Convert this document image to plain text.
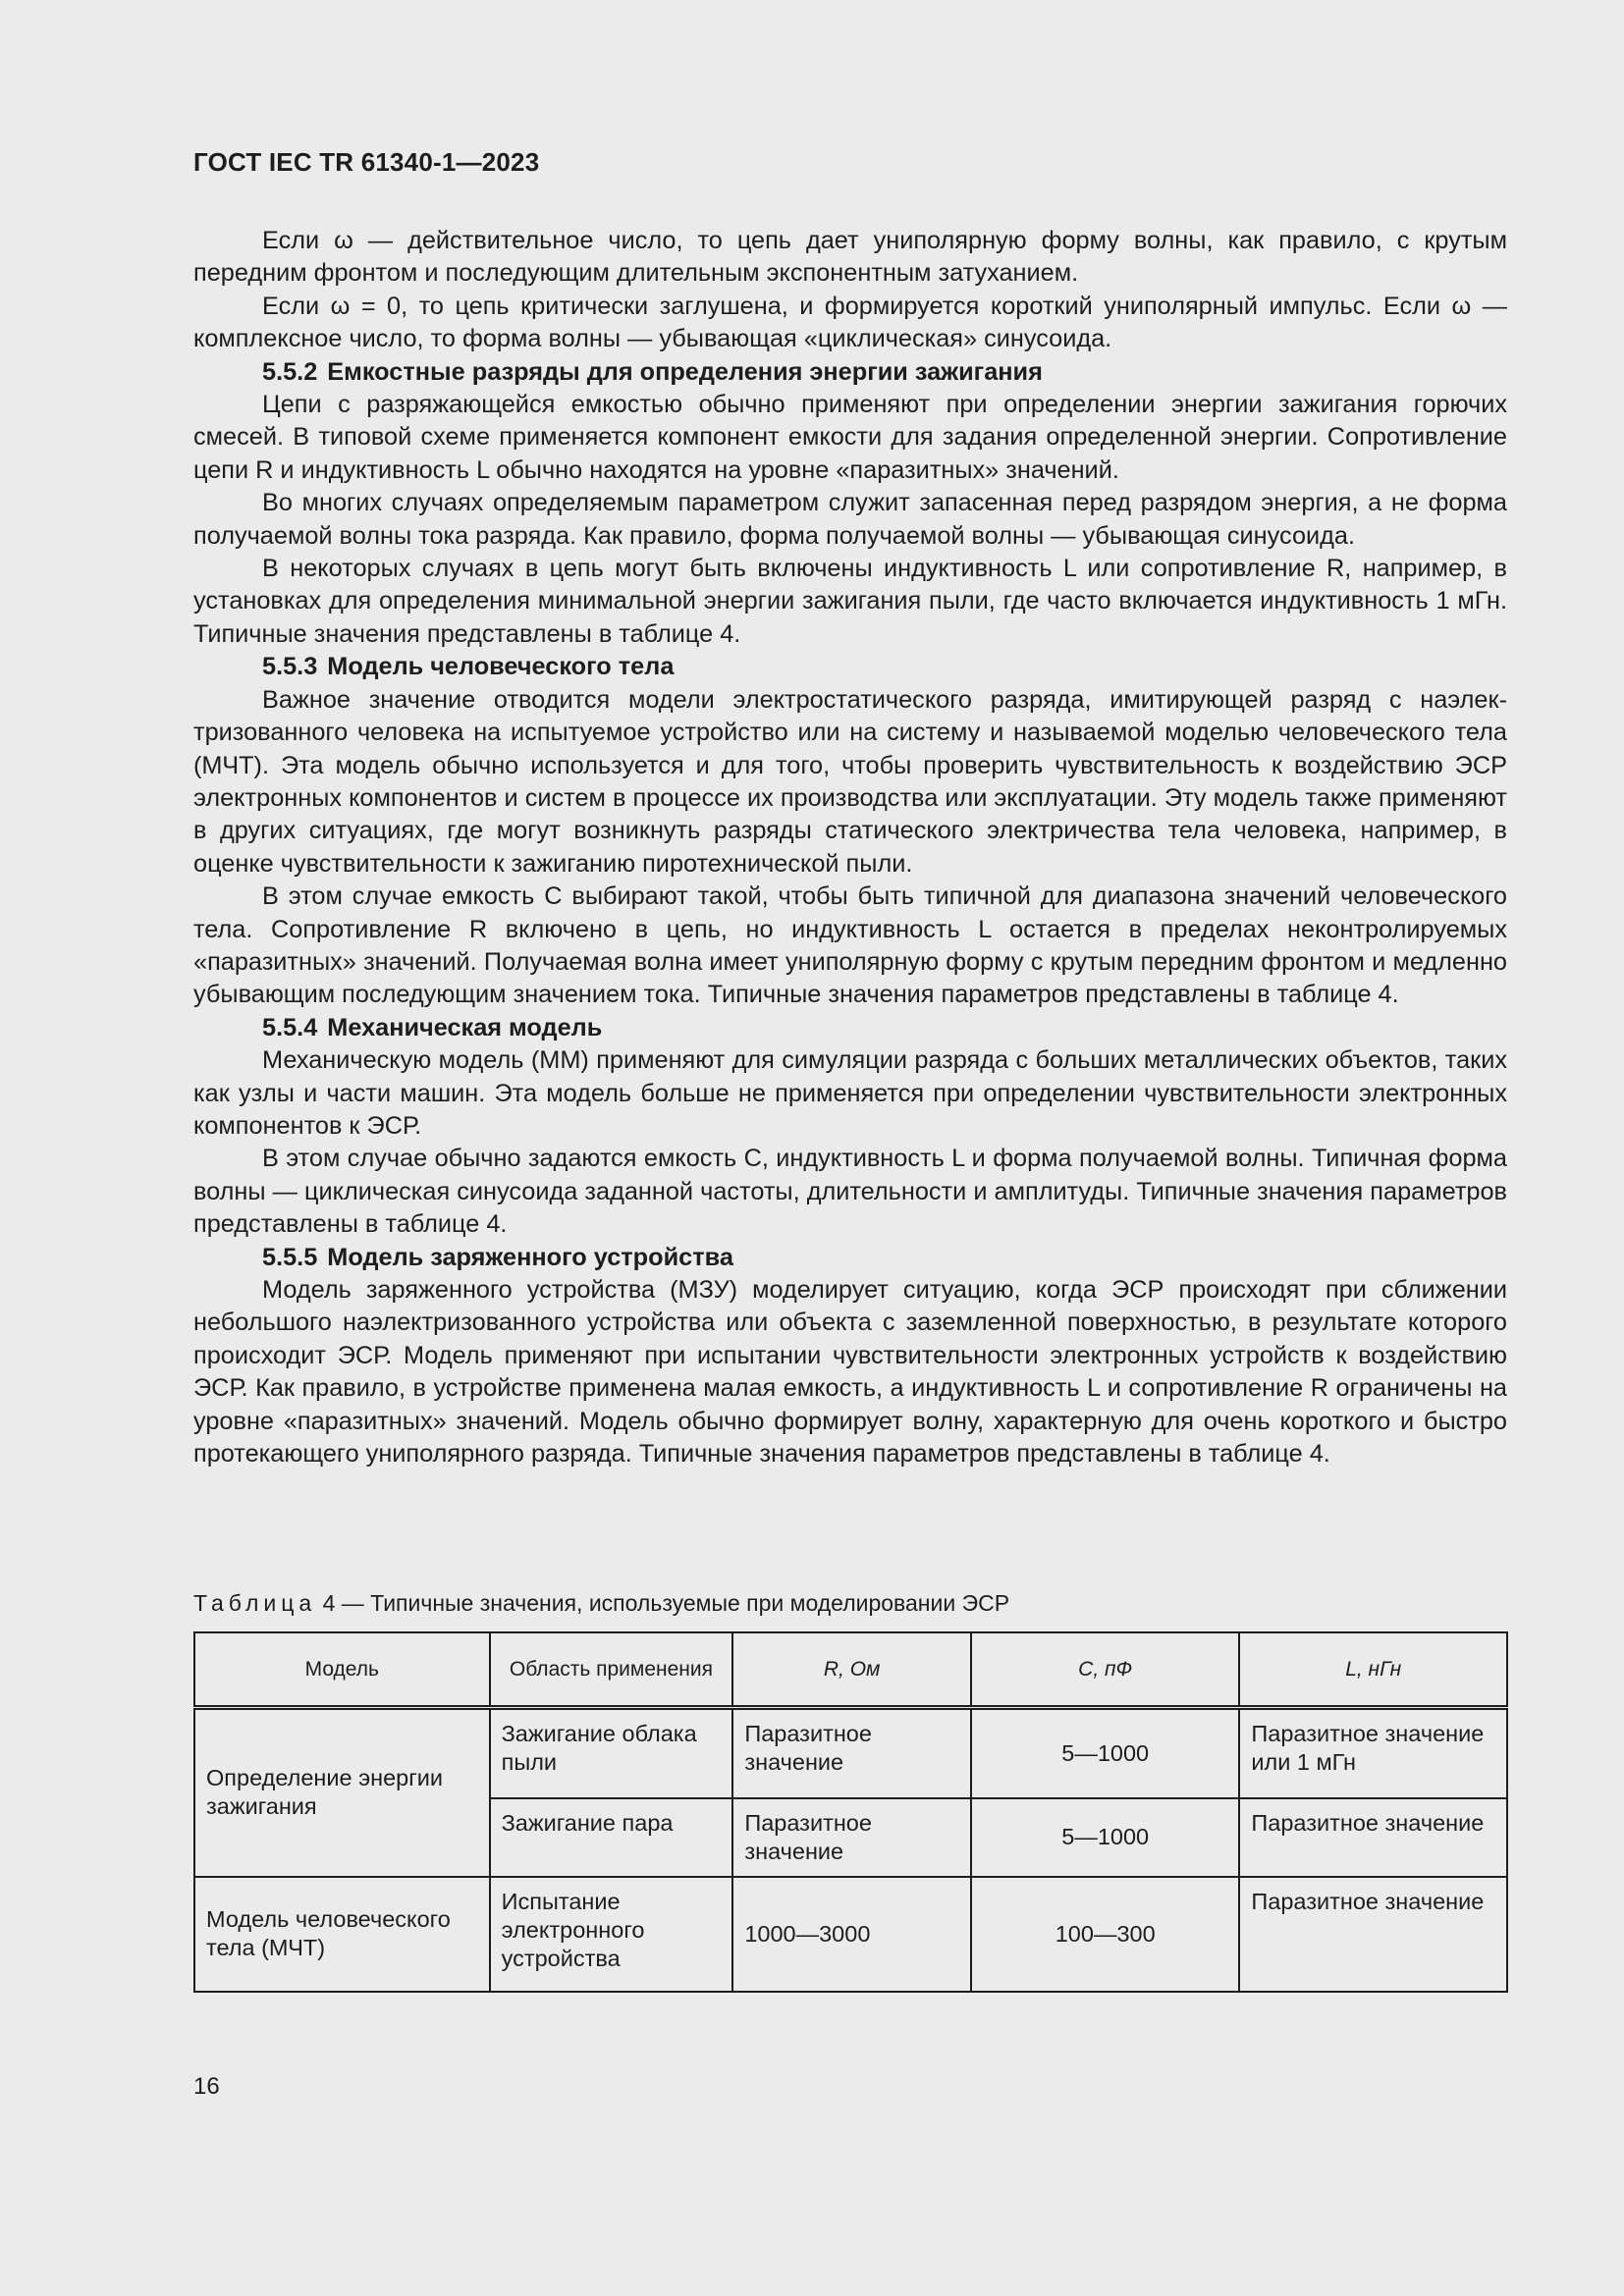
ГОСТ IEC TR 61340-1—2023

Если ω — действительное число, то цепь дает униполярную форму волны, как правило, с крутым передним фронтом и последующим длительным экспонентным затуханием.

Если ω = 0, то цепь критически заглушена, и формируется короткий униполярный импульс. Если ω — комплексное число, то форма волны — убывающая «циклическая» синусоида.

5.5.2 Емкостные разряды для определения энергии зажигания

Цепи с разряжающейся емкостью обычно применяют при определении энергии зажигания горючих смесей. В типовой схеме применяется компонент емкости для задания определенной энергии. Сопротивление цепи R и индуктивность L обычно находятся на уровне «паразитных» значений.

Во многих случаях определяемым параметром служит запасенная перед разрядом энергия, а не форма получаемой волны тока разряда. Как правило, форма получаемой волны — убывающая синусоида.

В некоторых случаях в цепь могут быть включены индуктивность L или сопротивление R, например, в установках для определения минимальной энергии зажигания пыли, где часто включается индуктивность 1 мГн. Типичные значения представлены в таблице 4.

5.5.3 Модель человеческого тела

Важное значение отводится модели электростатического разряда, имитирующей разряд с наэлектризованного человека на испытуемое устройство или на систему и называемой моделью человеческого тела (МЧТ). Эта модель обычно используется и для того, чтобы проверить чувствительность к воздействию ЭСР электронных компонентов и систем в процессе их производства или эксплуатации. Эту модель также применяют в других ситуациях, где могут возникнуть разряды статического электричества тела человека, например, в оценке чувствительности к зажиганию пиротехнической пыли.

В этом случае емкость С выбирают такой, чтобы быть типичной для диапазона значений человеческого тела. Сопротивление R включено в цепь, но индуктивность L остается в пределах неконтролируемых «паразитных» значений. Получаемая волна имеет униполярную форму с крутым передним фронтом и медленно убывающим последующим значением тока. Типичные значения параметров представлены в таблице 4.

5.5.4 Механическая модель

Механическую модель (ММ) применяют для симуляции разряда с больших металлических объектов, таких как узлы и части машин. Эта модель больше не применяется при определении чувствительности электронных компонентов к ЭСР.

В этом случае обычно задаются емкость С, индуктивность L и форма получаемой волны. Типичная форма волны — циклическая синусоида заданной частоты, длительности и амплитуды. Типичные значения параметров представлены в таблице 4.

5.5.5 Модель заряженного устройства

Модель заряженного устройства (МЗУ) моделирует ситуацию, когда ЭСР происходят при сближении небольшого наэлектризованного устройства или объекта с заземленной поверхностью, в результате которого происходит ЭСР. Модель применяют при испытании чувствительности электронных устройств к воздействию ЭСР. Как правило, в устройстве применена малая емкость, а индуктивность L и сопротивление R ограничены на уровне «паразитных» значений. Модель обычно формирует волну, характерную для очень короткого и быстро протекающего униполярного разряда. Типичные значения параметров представлены в таблице 4.

Таблица 4 — Типичные значения, используемые при моделировании ЭСР
Модель	Область применения	R, Ом	C, пФ	L, нГн
Определение энергии зажигания	Зажигание облака пыли	Паразитное значение	5—1000	Паразитное значение или 1 мГн
	Зажигание пара	Паразитное значение	5—1000	Паразитное значение
Модель человеческого тела (МЧТ)	Испытание электронного устройства	1000—3000	100—300	Паразитное значение
16
